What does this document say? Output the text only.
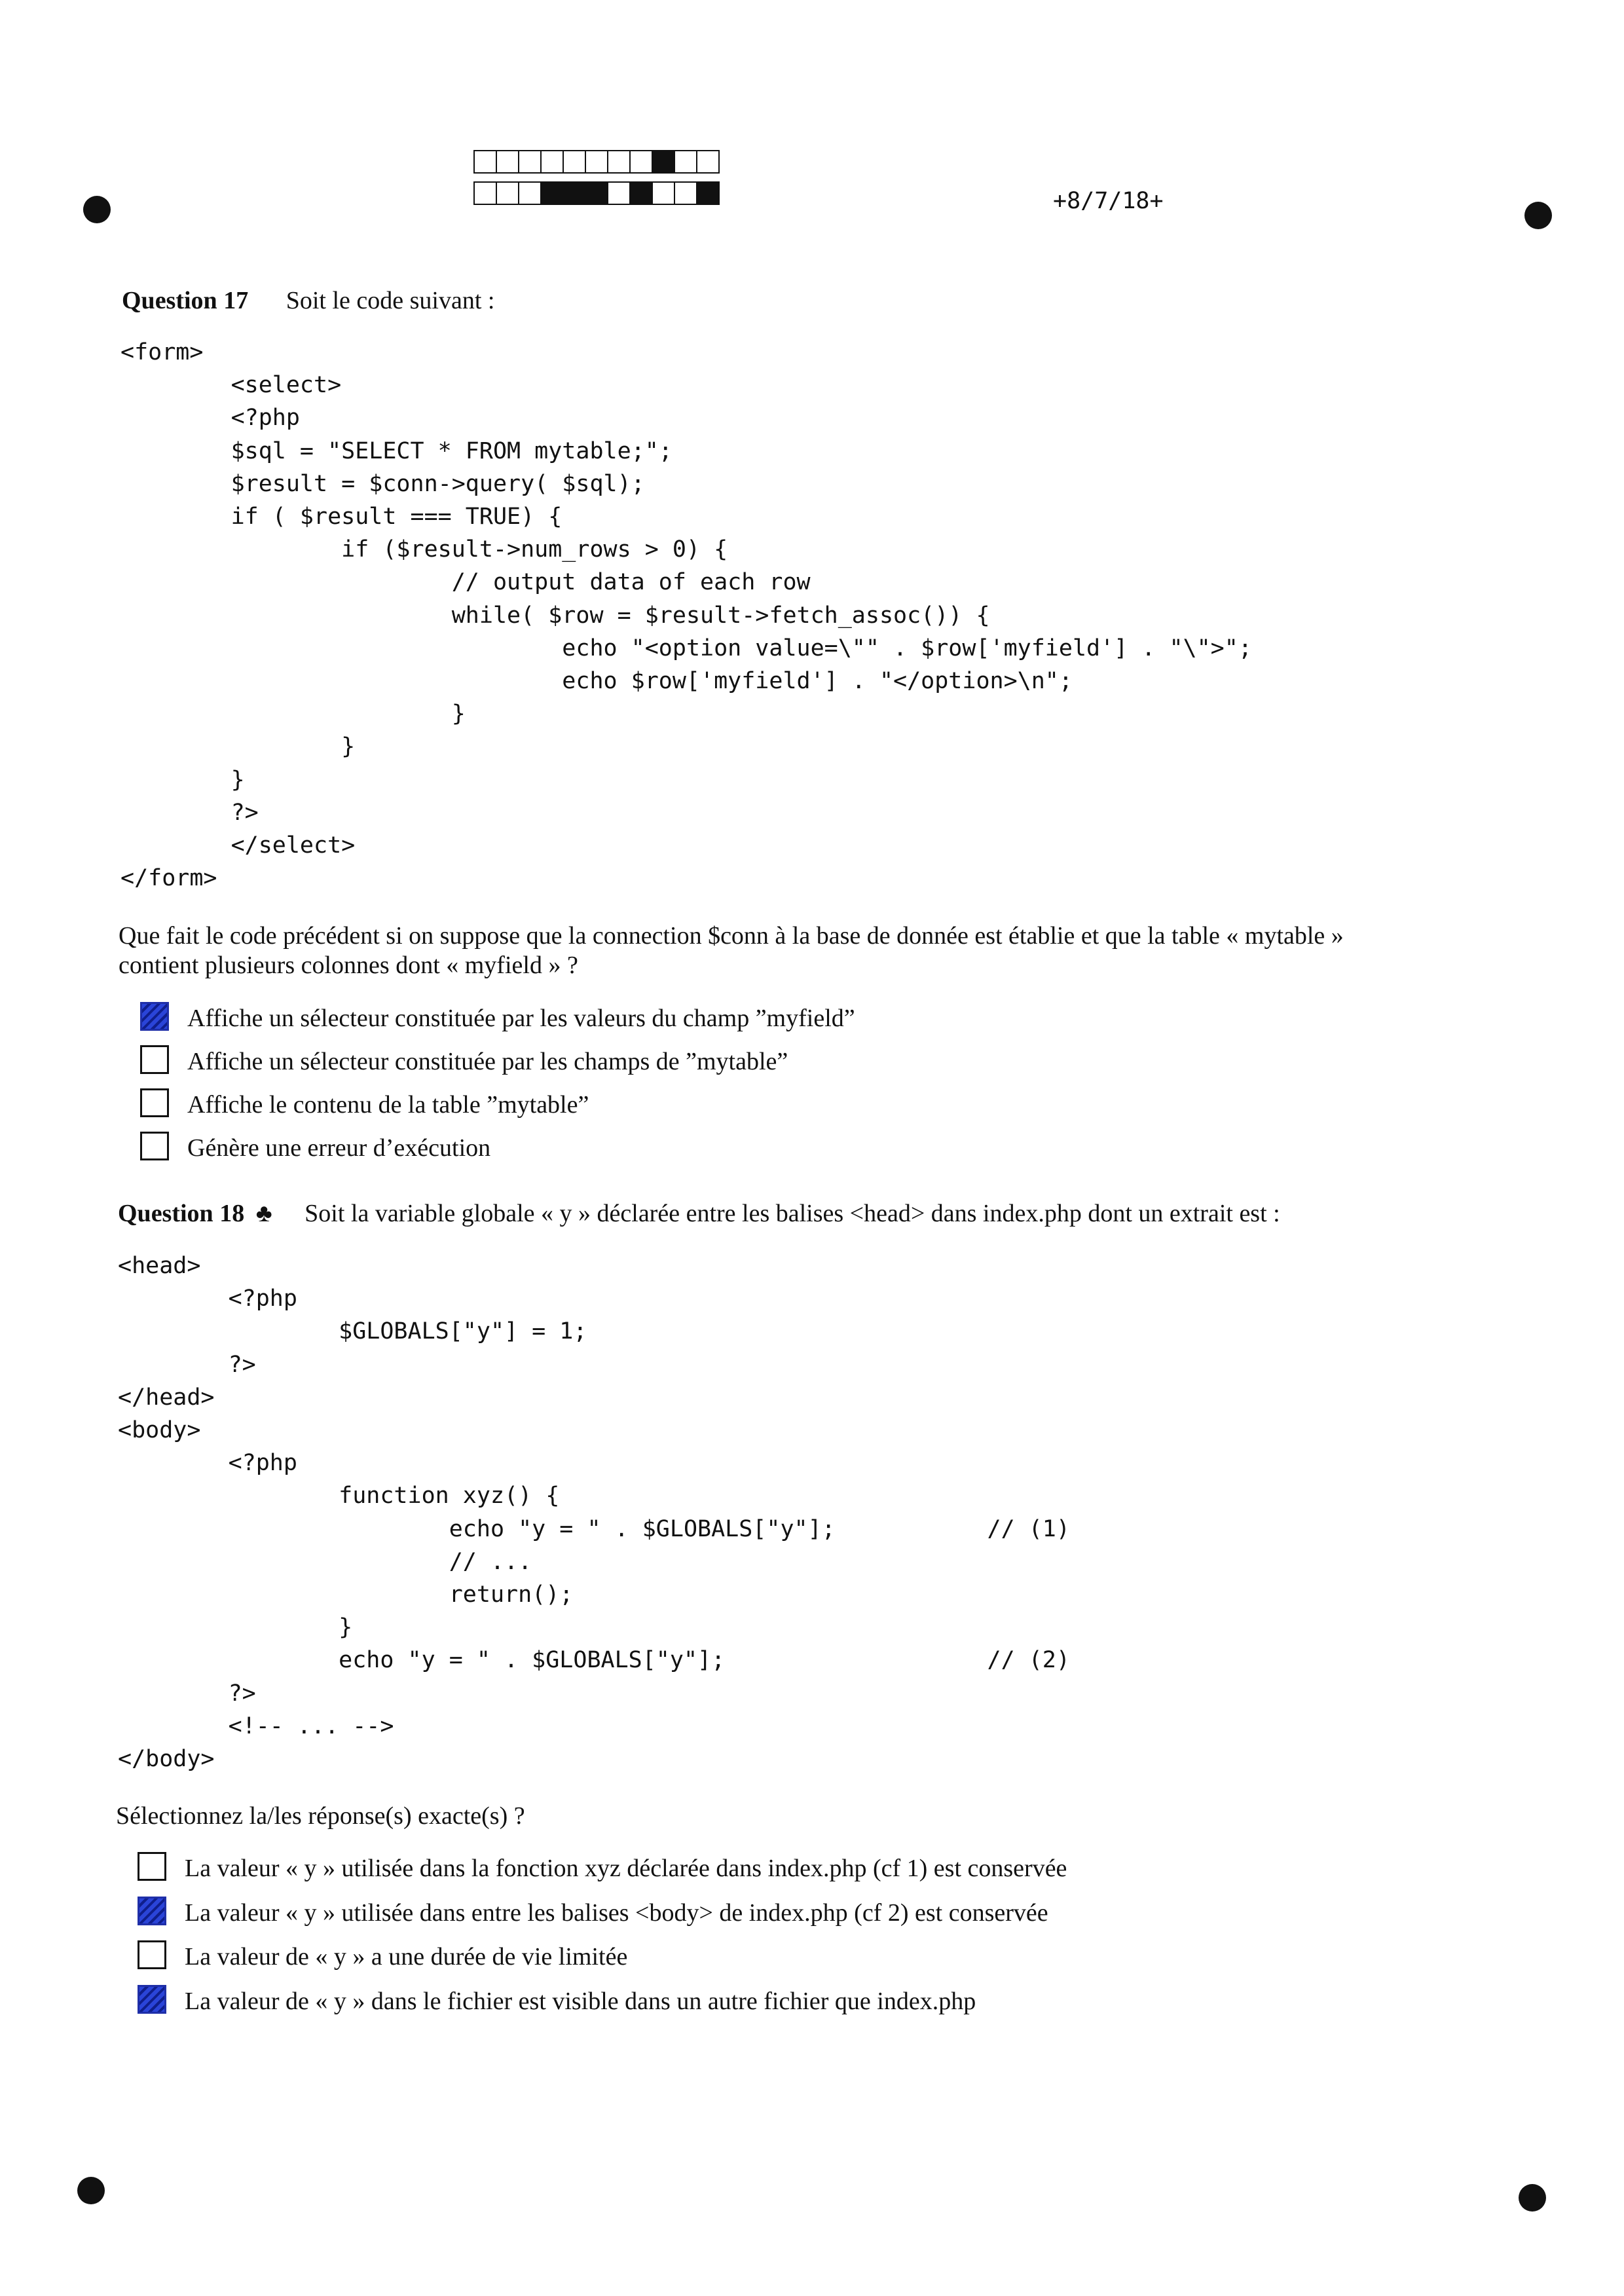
+8/7/18+
Question 17 Soit le code suivant :
<form>
<select>
<?php
$sql = "SELECT * FROM mytable;";
$result = $conn->query( $sql);
if ( $result === TRUE) {
if ($result->num_rows > 0) {
// output data of each row
while( $row = $result->fetch_assoc()) {
echo "<option value=\"" . $row['myfield'] . "\">";
echo $row['myfield'] . "</option>\n";
}
}
}
?>
</select>
</form>
Que fait le code précédent si on suppose que la connection $conn à la base de donnée est établie et que la table « mytable »
contient plusieurs colonnes dont « myfield » ?
Affiche un sélecteur constituée par les valeurs du champ ”myfield”
Affiche un sélecteur constituée par les champs de ”mytable”
Affiche le contenu de la table ”mytable”
Génère une erreur d’exécution
Question 18 ♣ Soit la variable globale « y » déclarée entre les balises <head> dans index.php dont un extrait est :
<head>
<?php
$GLOBALS["y"] = 1;
?>
</head>
<body>
<?php
function xyz() {
echo "y = " . $GLOBALS["y"];           // (1)
// ...
return();
}
echo "y = " . $GLOBALS["y"];                   // (2)
?>
<!-- ... -->
</body>
Sélectionnez la/les réponse(s) exacte(s) ?
La valeur « y » utilisée dans la fonction xyz déclarée dans index.php (cf 1) est conservée
La valeur « y » utilisée dans entre les balises <body> de index.php (cf 2) est conservée
La valeur de « y » a une durée de vie limitée
La valeur de « y » dans le fichier est visible dans un autre fichier que index.php
